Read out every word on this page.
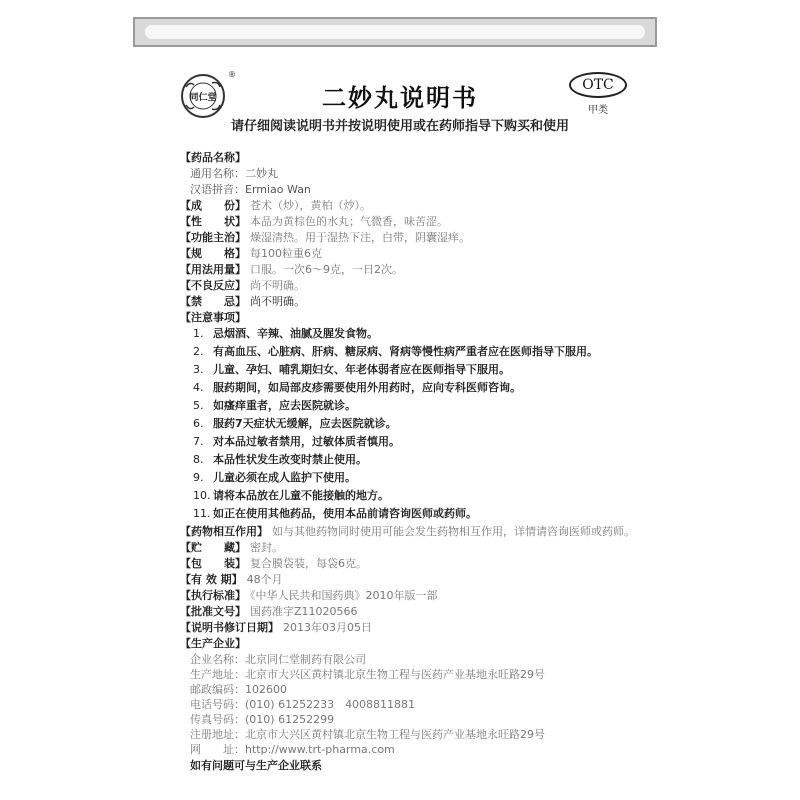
同仁堂
®
二妙丸说明书	OTC
甲类
请仔细阅读说明书并按说明使用或在药师指导下购买和使用
【药品名称】
通用名称：二妙丸
汉语拼音：Ermiao Wan
【成　　份】 苍术（炒），黄柏（炒）。
【性　　状】 本品为黄棕色的水丸；气微香，味苦涩。
【功能主治】 燥湿清热。用于湿热下注，白带，阴囊湿痒。
【规　　格】 每100粒重6克
【用法用量】 口服。一次6～9克，一日2次。
【不良反应】 尚不明确。
【禁　　忌】 尚不明确。
【注意事项】
1. 忌烟酒、辛辣、油腻及腥发食物。
2. 有高血压、心脏病、肝病、糖尿病、肾病等慢性病严重者应在医师指导下服用。
3. 儿童、孕妇、哺乳期妇女、年老体弱者应在医师指导下服用。
4. 服药期间，如局部皮疹需要使用外用药时，应向专科医师咨询。
5. 如瘙痒重者，应去医院就诊。
6. 服药7天症状无缓解，应去医院就诊。
7. 对本品过敏者禁用，过敏体质者慎用。
8. 本品性状发生改变时禁止使用。
9. 儿童必须在成人监护下使用。
10. 请将本品放在儿童不能接触的地方。
11. 如正在使用其他药品，使用本品前请咨询医师或药师。
【药物相互作用】 如与其他药物同时使用可能会发生药物相互作用，详情请咨询医师或药师。
【贮　　藏】 密封。
【包　　装】 复合膜袋装，每袋6克。
【有 效 期】 48个月
【执行标准】 《中华人民共和国药典》2010年版一部
【批准文号】 国药准字Z11020566
【说明书修订日期】 2013年03月05日
【生产企业】
企业名称：北京同仁堂制药有限公司
生产地址：北京市大兴区黄村镇北京生物工程与医药产业基地永旺路29号
邮政编码：102600
电话号码：(010) 61252233　4008811881
传真号码：(010) 61252299
注册地址：北京市大兴区黄村镇北京生物工程与医药产业基地永旺路29号
网　　址：http://www.trt-pharma.com
如有问题可与生产企业联系
